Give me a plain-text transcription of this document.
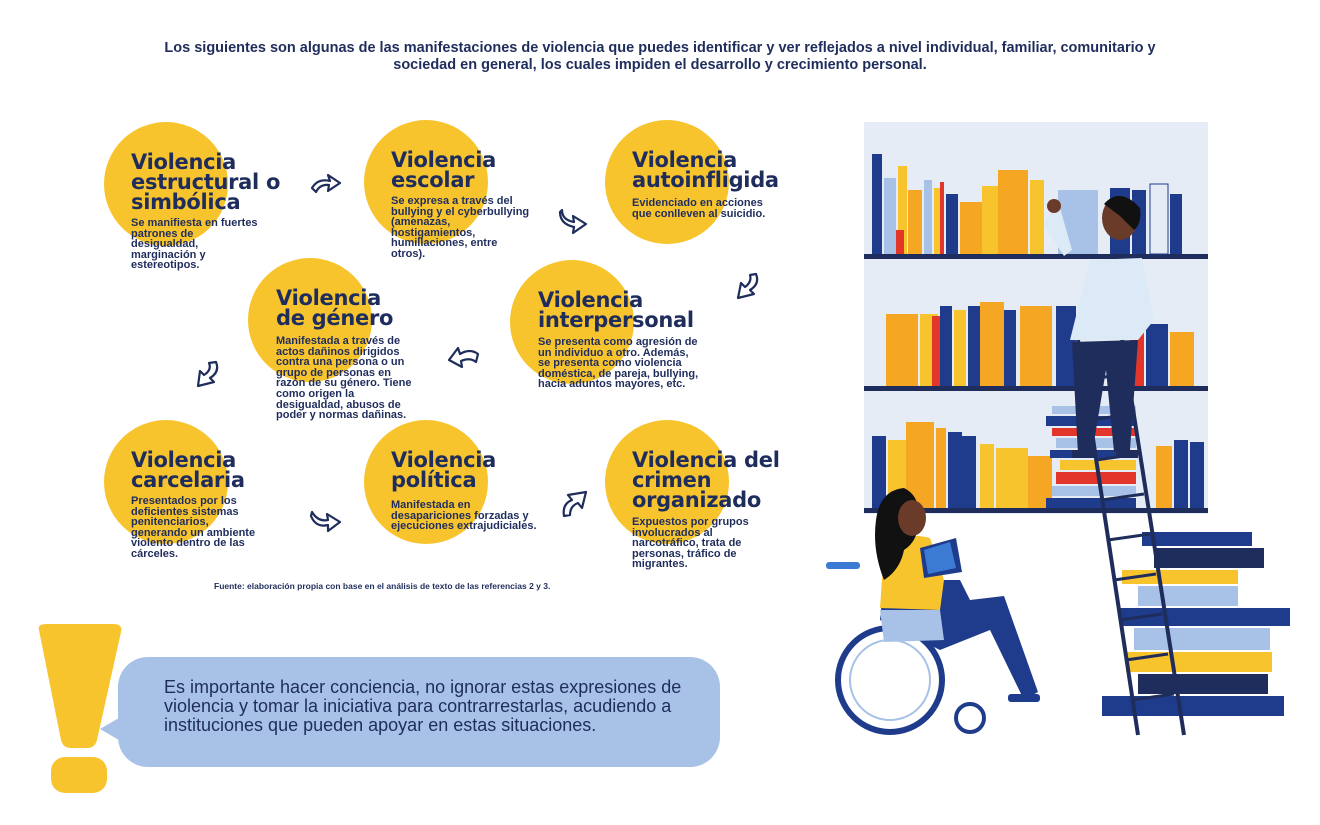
Los siguientes son algunas de las manifestaciones de violencia que puedes identificar y ver reflejados a nivel individual, familiar, comunitario y sociedad en general, los cuales impiden el desarrollo y crecimiento personal.
Violencia estructural o simbólica
Se manifiesta en fuertes patrones de desigualdad, marginación y estereotipos.
Violencia escolar
Se expresa a través del bullying y el cyberbullying (amenazas, hostigamientos, humillaciones, entre otros).
Violencia autoinfligida
Evidenciado en acciones que conlleven al suicidio.
Violencia de género
Manifestada a través de actos dañinos dirigidos contra una persona o un grupo de personas en razón de su género. Tiene como origen la desigualdad, abusos de poder y normas dañinas.
Violencia interpersonal
Se presenta como agresión de un individuo a otro. Además, se presenta como violencia doméstica, de pareja, bullying, hacia aduntos mayores, etc.
Violencia carcelaria
Presentados por los deficientes sistemas penitenciarios, generando un ambiente violento dentro de las cárceles.
Violencia política
Manifestada en desapariciones forzadas y ejecuciones extrajudiciales.
Violencia del crimen organizado
Expuestos por grupos involucrados al narcotráfico, trata de personas, tráfico de migrantes.
Fuente: elaboración propia con base en el análisis de texto de las referencias 2 y 3.
Es importante hacer conciencia, no ignorar estas expresiones de violencia y tomar la iniciativa para contrarrestarlas, acudiendo a instituciones que pueden apoyar en estas situaciones.
